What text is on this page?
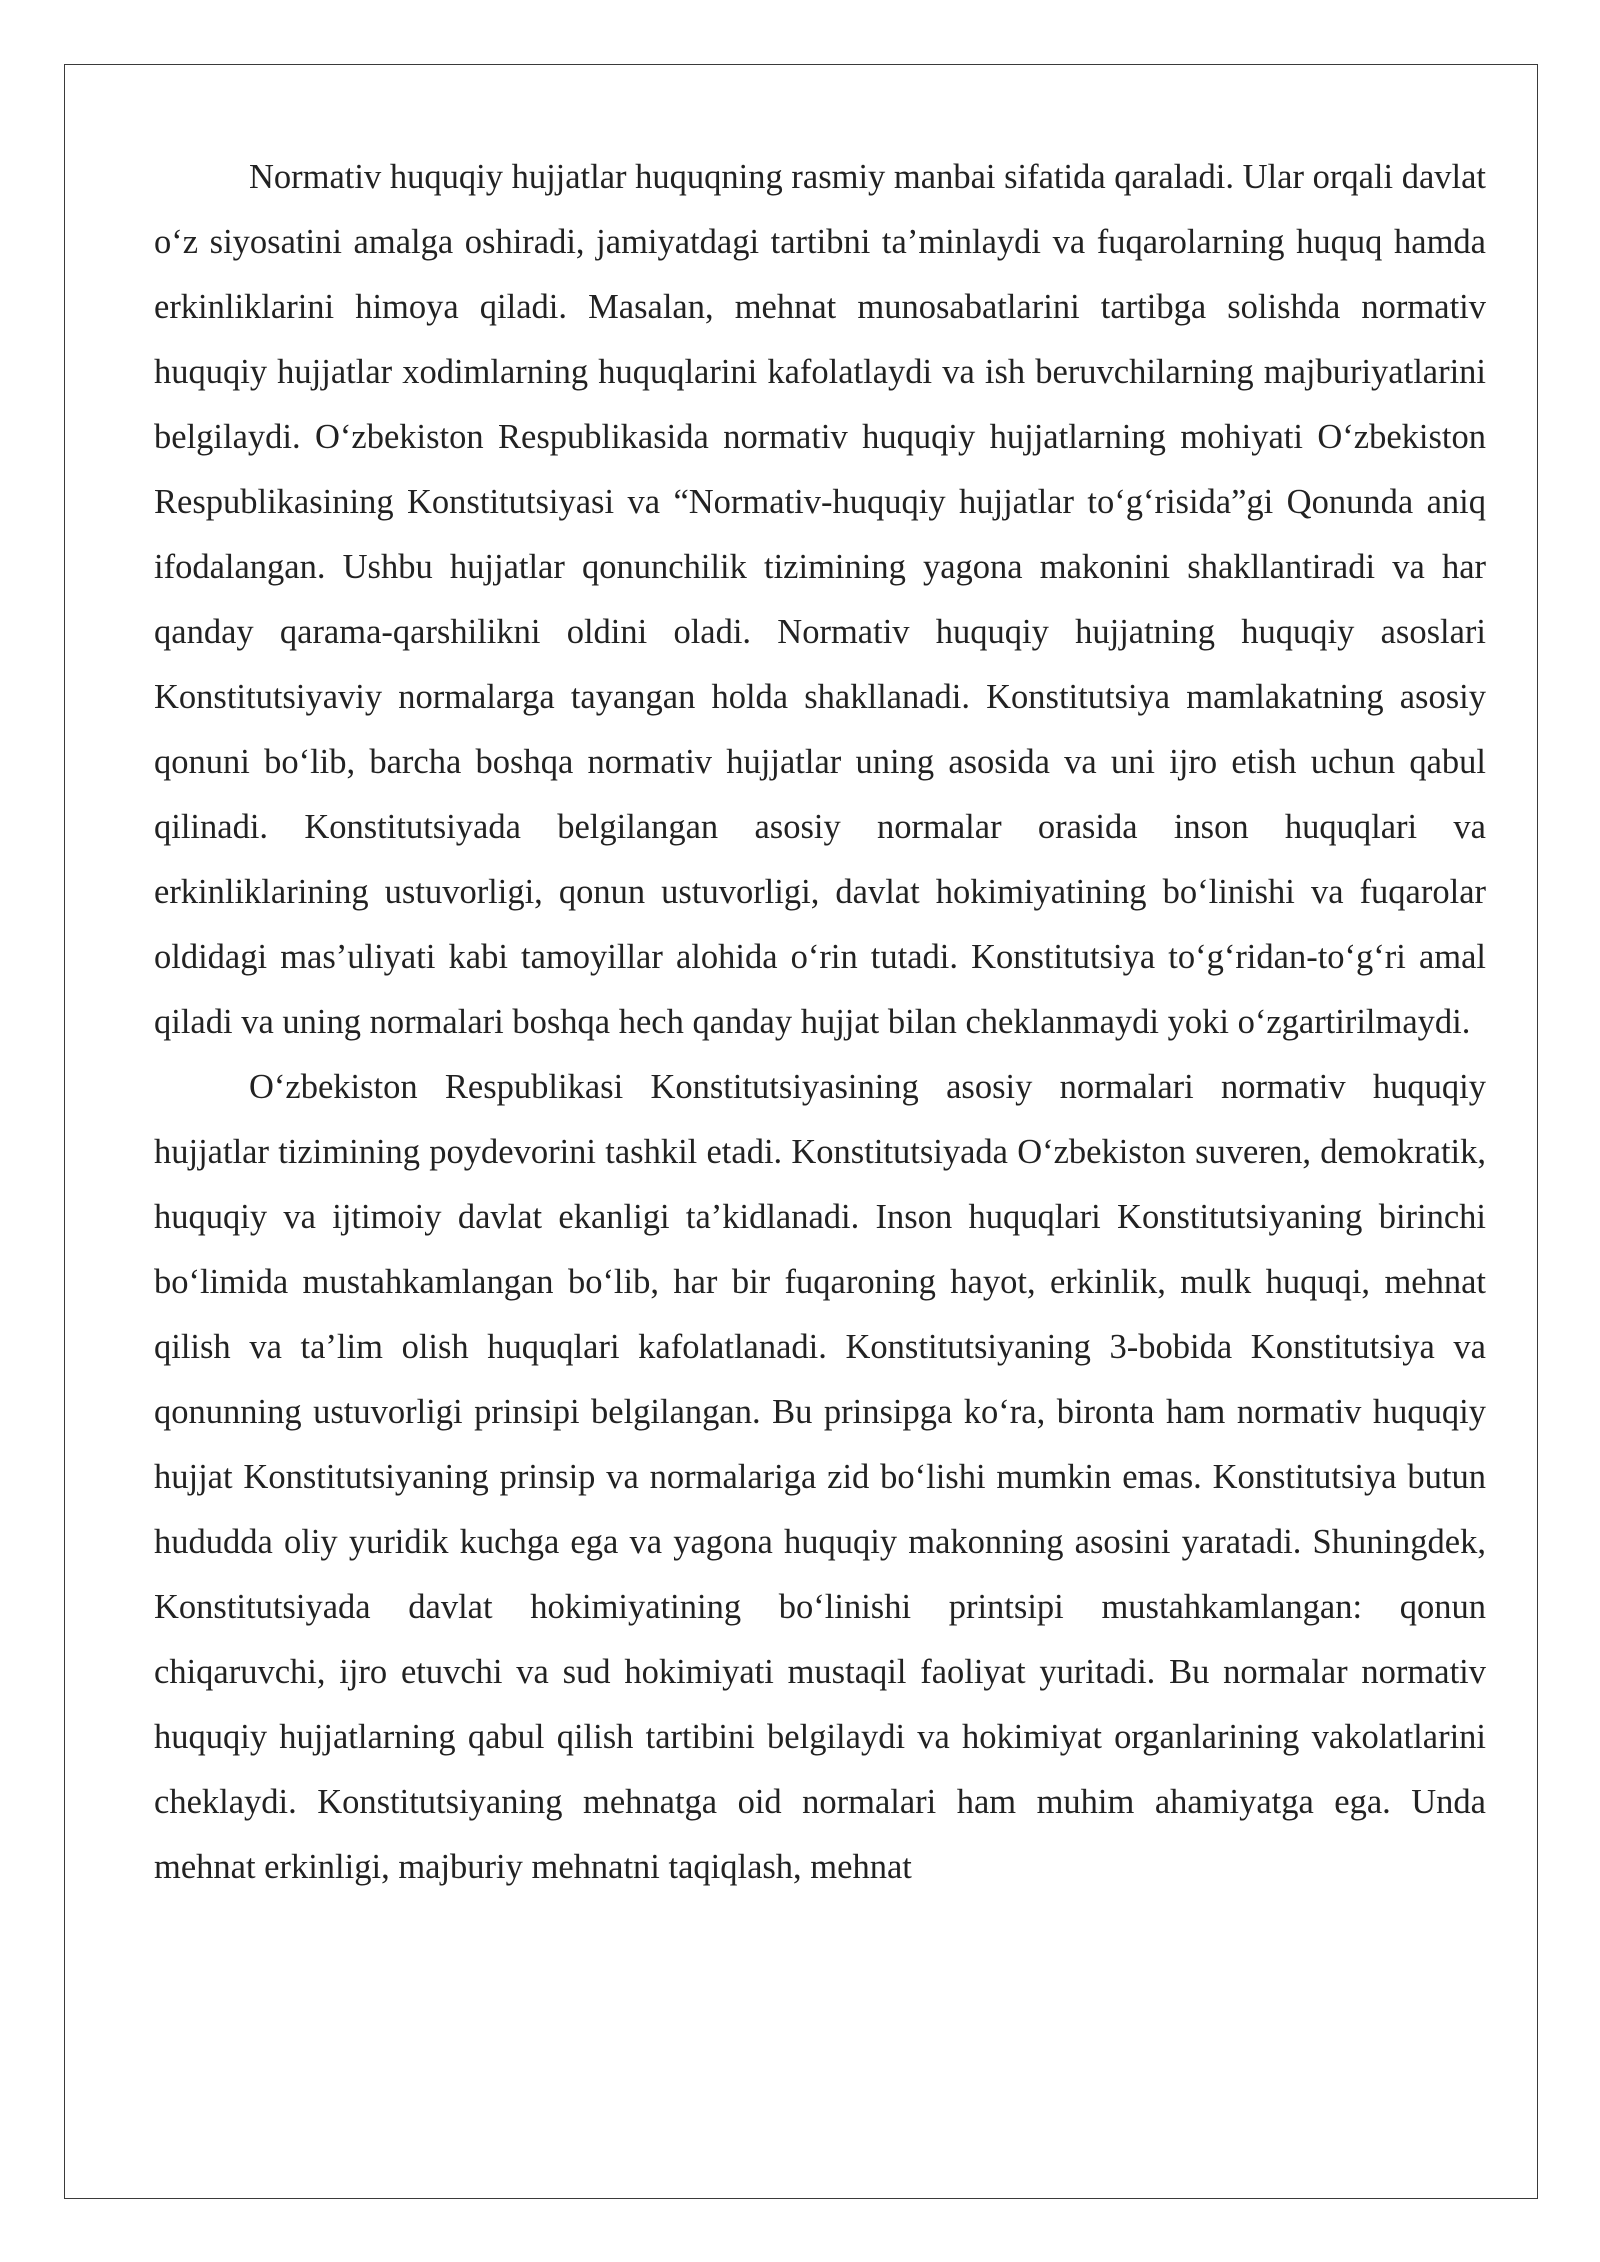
Normativ huquqiy hujjatlar huquqning rasmiy manbai sifatida qaraladi. Ular orqali davlat o‘z siyosatini amalga oshiradi, jamiyatdagi tartibni ta’minlaydi va fuqarolarning huquq hamda erkinliklarini himoya qiladi. Masalan, mehnat munosabatlarini tartibga solishda normativ huquqiy hujjatlar xodimlarning huquqlarini kafolatlaydi va ish beruvchilarning majburiyatlarini belgilaydi. O‘zbekiston Respublikasida normativ huquqiy hujjatlarning mohiyati O‘zbekiston Respublikasining Konstitutsiyasi va “Normativ-huquqiy hujjatlar to‘g‘risida”gi Qonunda aniq ifodalangan. Ushbu hujjatlar qonunchilik tizimining yagona makonini shakllantiradi va har qanday qarama-qarshilikni oldini oladi. Normativ huquqiy hujjatning huquqiy asoslari Konstitutsiyaviy normalarga tayangan holda shakllanadi. Konstitutsiya mamlakatning asosiy qonuni bo‘lib, barcha boshqa normativ hujjatlar uning asosida va uni ijro etish uchun qabul qilinadi. Konstitutsiyada belgilangan asosiy normalar orasida inson huquqlari va erkinliklarining ustuvorligi, qonun ustuvorligi, davlat hokimiyatining bo‘linishi va fuqarolar oldidagi mas’uliyati kabi tamoyillar alohida o‘rin tutadi. Konstitutsiya to‘g‘ridan-to‘g‘ri amal qiladi va uning normalari boshqa hech qanday hujjat bilan cheklanmaydi yoki o‘zgartirilmaydi.

O‘zbekiston Respublikasi Konstitutsiyasining asosiy normalari normativ huquqiy hujjatlar tizimining poydevorini tashkil etadi. Konstitutsiyada O‘zbekiston suveren, demokratik, huquqiy va ijtimoiy davlat ekanligi ta’kidlanadi. Inson huquqlari Konstitutsiyaning birinchi bo‘limida mustahkamlangan bo‘lib, har bir fuqaroning hayot, erkinlik, mulk huquqi, mehnat qilish va ta’lim olish huquqlari kafolatlanadi. Konstitutsiyaning 3-bobida Konstitutsiya va qonunning ustuvorligi prinsipi belgilangan. Bu prinsipga ko‘ra, bironta ham normativ huquqiy hujjat Konstitutsiyaning prinsip va normalariga zid bo‘lishi mumkin emas. Konstitutsiya butun hududda oliy yuridik kuchga ega va yagona huquqiy makonning asosini yaratadi. Shuningdek, Konstitutsiyada davlat hokimiyatining bo‘linishi printsipi mustahkamlangan: qonun chiqaruvchi, ijro etuvchi va sud hokimiyati mustaqil faoliyat yuritadi. Bu normalar normativ huquqiy hujjatlarning qabul qilish tartibini belgilaydi va hokimiyat organlarining vakolatlarini cheklaydi. Konstitutsiyaning mehnatga oid normalari ham muhim ahamiyatga ega. Unda mehnat erkinligi, majburiy mehnatni taqiqlash, mehnat
